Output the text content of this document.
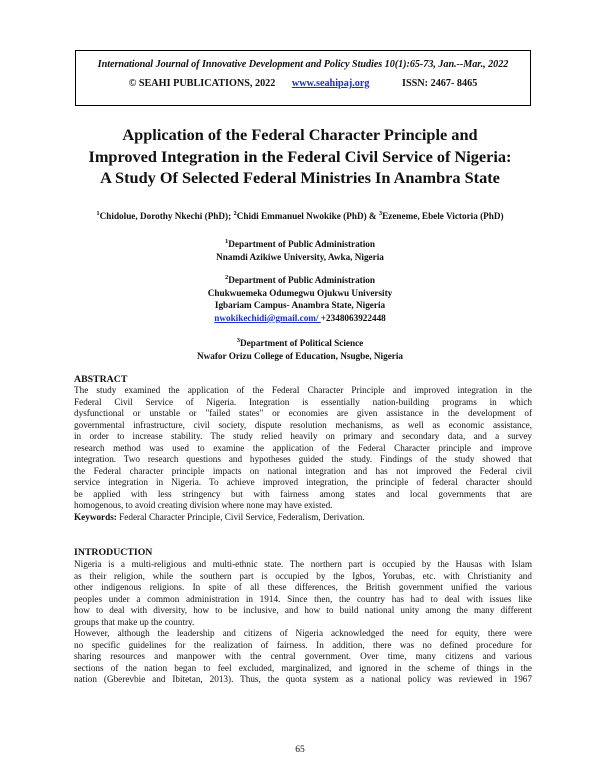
International Journal of Innovative Development and Policy Studies 10(1):65-73, Jan.--Mar., 2022
© SEAHI PUBLICATIONS, 2022 www.seahipaj.org	ISSN: 2467- 8465
Application of the Federal Character Principle and
Improved Integration in the Federal Civil Service of Nigeria:
A Study Of Selected Federal Ministries In Anambra State
$^1$Chidolue, Dorothy Nkechi (PhD); $^2$Chidi Emmanuel Nwokike (PhD) & $^3$Ezeneme, Ebele Victoria (PhD)
$^1$Department of Public Administration
Nnamdi Azikiwe University, Awka, Nigeria
$^2$Department of Public Administration
Chukwuemeka Odumegwu Ojukwu University
Igbariam Campus- Anambra State, Nigeria
nwokikechidi@gmail.com/ +2348063922448
$^3$Department of Political Science
Nwafor Orizu College of Education, Nsugbe, Nigeria
ABSTRACT
The study examined the application of the Federal Character Principle and improved integration in the
Federal Civil Service of Nigeria. Integration is essentially nation-building programs in which
dysfunctional or unstable or "failed states" or economies are given assistance in the development of
governmental infrastructure, civil society, dispute resolution mechanisms, as well as economic assistance,
in order to increase stability. The study relied heavily on primary and secondary data, and a survey
research method was used to examine the application of the Federal Character principle and improve
integration. Two research questions and hypotheses guided the study. Findings of the study showed that
the Federal character principle impacts on national integration and has not improved the Federal civil
service integration in Nigeria. To achieve improved integration, the principle of federal character should
be applied with less stringency but with fairness among states and local governments that are
homogenous, to avoid creating division where none may have existed.
Keywords: Federal Character Principle, Civil Service, Federalism, Derivation.
INTRODUCTION
Nigeria is a multi-religious and multi-ethnic state. The northern part is occupied by the Hausas with Islam
as their religion, while the southern part is occupied by the Igbos, Yorubas, etc. with Christianity and
other indigenous religions. In spite of all these differences, the British government unified the various
peoples under a common administration in 1914. Since then, the country has had to deal with issues like
how to deal with diversity, how to be inclusive, and how to build national unity among the many different
groups that make up the country.
However, although the leadership and citizens of Nigeria acknowledged the need for equity, there were
no specific guidelines for the realization of fairness. In addition, there was no defined procedure for
sharing resources and manpower with the central government. Over time, many citizens and various
sections of the nation began to feel excluded, marginalized, and ignored in the scheme of things in the
nation (Gberevbie and Ibitetan, 2013). Thus, the quota system as a national policy was reviewed in 1967
65
